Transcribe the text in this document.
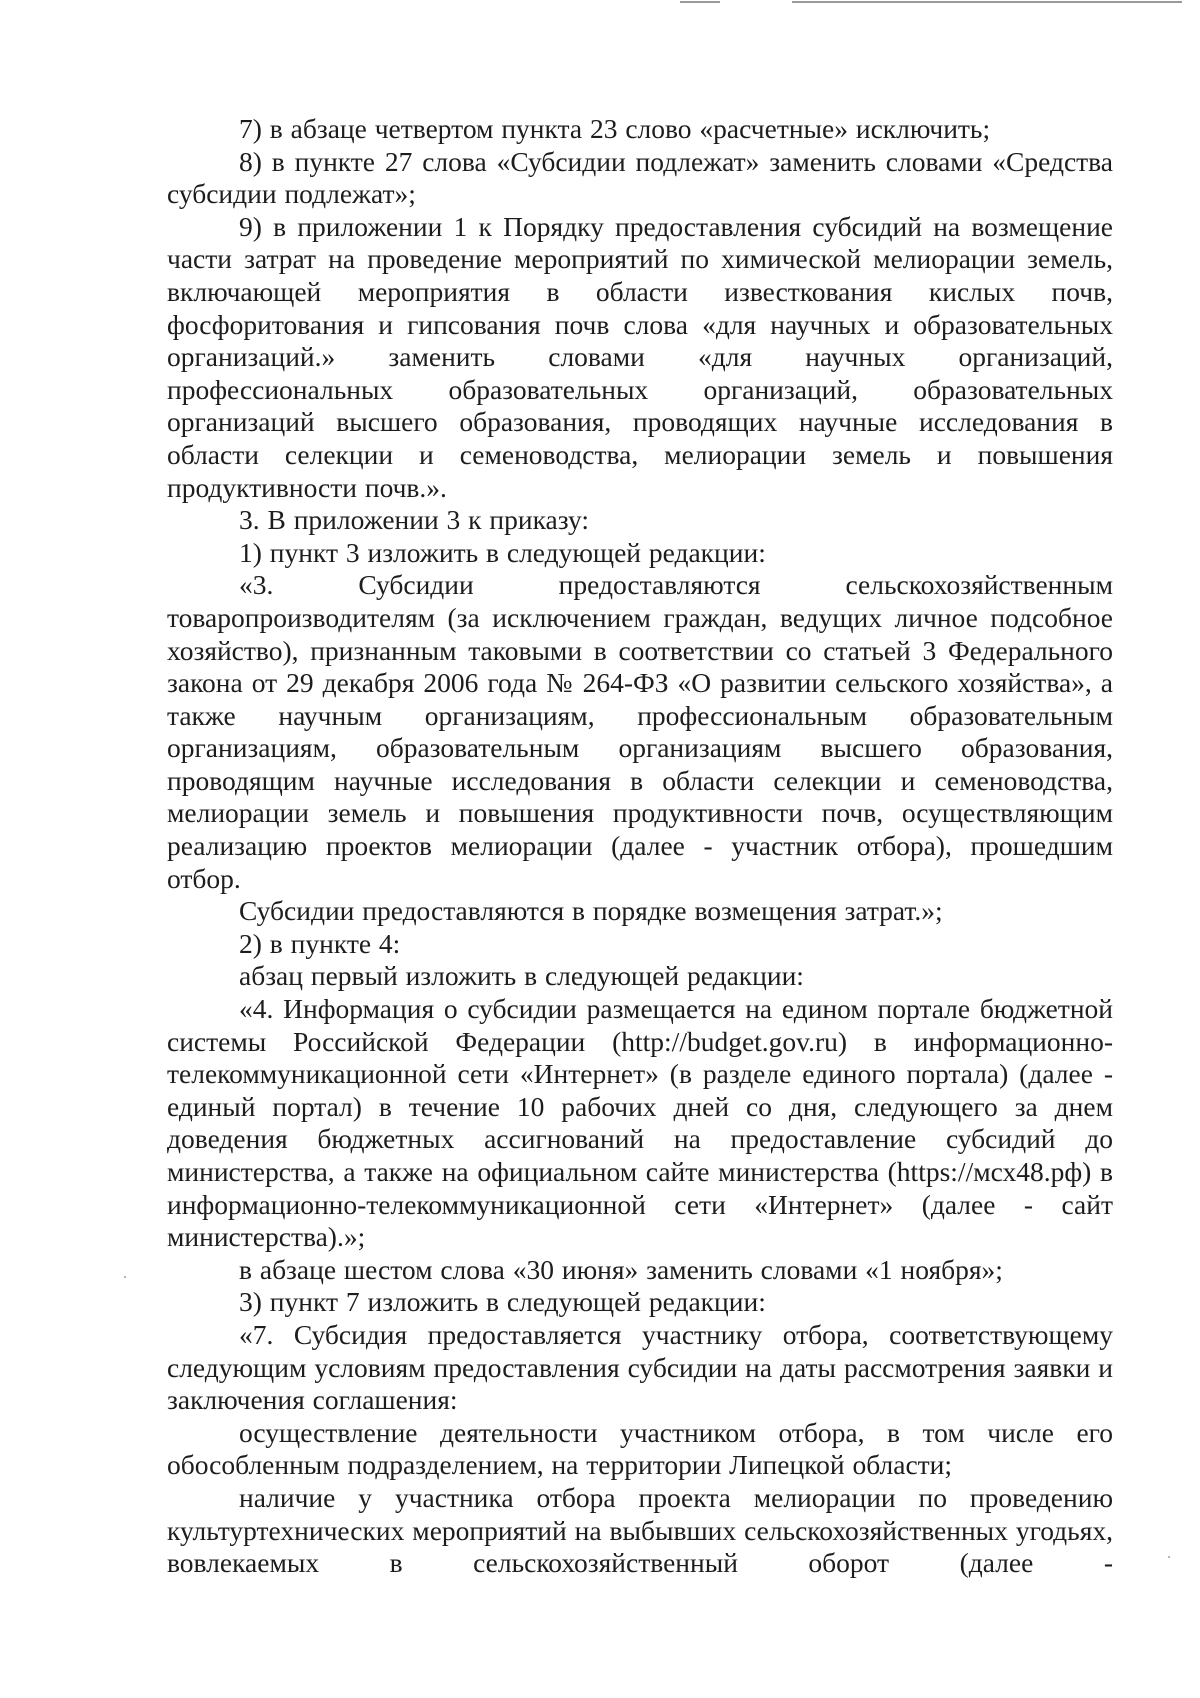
7) в абзаце четвертом пункта 23 слово «расчетные» исключить;

8) в пункте 27 слова «Субсидии подлежат» заменить словами «Средства субсидии подлежат»;

9) в приложении 1 к Порядку предоставления субсидий на возмещение части затрат на проведение мероприятий по химической мелиорации земель, включающей мероприятия в области известкования кислых почв, фосфоритования и гипсования почв слова «для научных и образовательных организаций.» заменить словами «для научных организаций, профессиональных образовательных организаций, образовательных организаций высшего образования, проводящих научные исследования в области селекции и семеноводства, мелиорации земель и повышения продуктивности почв.».

3. В приложении 3 к приказу:

1) пункт 3 изложить в следующей редакции:

«3. Субсидии предоставляются сельскохозяйственным товаропроизводителям (за исключением граждан, ведущих личное подсобное хозяйство), признанным таковыми в соответствии со статьей 3 Федерального закона от 29 декабря 2006 года № 264-ФЗ «О развитии сельского хозяйства», а также научным организациям, профессиональным образовательным организациям, образовательным организациям высшего образования, проводящим научные исследования в области селекции и семеноводства, мелиорации земель и повышения продуктивности почв, осуществляющим реализацию проектов мелиорации (далее - участник отбора), прошедшим отбор.

Субсидии предоставляются в порядке возмещения затрат.»;

2) в пункте 4:

абзац первый изложить в следующей редакции:

«4. Информация о субсидии размещается на едином портале бюджетной системы Российской Федерации (http://budget.gov.ru) в информационно-телекоммуникационной сети «Интернет» (в разделе единого портала) (далее - единый портал) в течение 10 рабочих дней со дня, следующего за днем доведения бюджетных ассигнований на предоставление субсидий до министерства, а также на официальном сайте министерства (https://мсх48.рф) в информационно-телекоммуникационной сети «Интернет» (далее - сайт министерства).»;

в абзаце шестом слова «30 июня» заменить словами «1 ноября»;

3) пункт 7 изложить в следующей редакции:

«7. Субсидия предоставляется участнику отбора, соответствующему следующим условиям предоставления субсидии на даты рассмотрения заявки и заключения соглашения:

осуществление деятельности участником отбора, в том числе его обособленным подразделением, на территории Липецкой области;

наличие у участника отбора проекта мелиорации по проведению культуртехнических мероприятий на выбывших сельскохозяйственных угодьях, вовлекаемых в сельскохозяйственный оборот (далее -
